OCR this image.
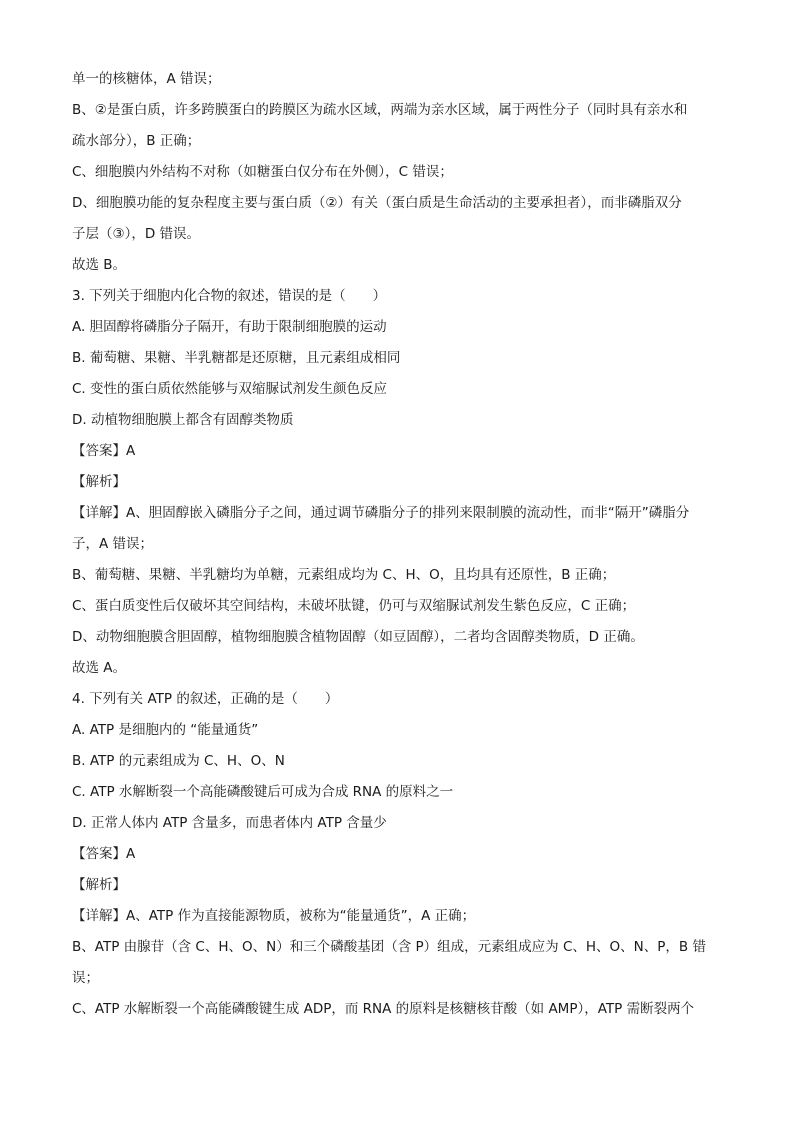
单一的核糖体，A 错误；

B、②是蛋白质，许多跨膜蛋白的跨膜区为疏水区域，两端为亲水区域，属于两性分子（同时具有亲水和

疏水部分），B 正确；

C、细胞膜内外结构不对称（如糖蛋白仅分布在外侧），C 错误；

D、细胞膜功能的复杂程度主要与蛋白质（②）有关（蛋白质是生命活动的主要承担者），而非磷脂双分

子层（③），D 错误。

故选 B。

3. 下列关于细胞内化合物的叙述，错误的是（　　）

A. 胆固醇将磷脂分子隔开，有助于限制细胞膜的运动

B. 葡萄糖、果糖、半乳糖都是还原糖，且元素组成相同

C. 变性的蛋白质依然能够与双缩脲试剂发生颜色反应

D. 动植物细胞膜上都含有固醇类物质

【答案】A

【解析】

【详解】A、胆固醇嵌入磷脂分子之间，通过调节磷脂分子的排列来限制膜的流动性，而非“隔开”磷脂分

子，A 错误；

B、葡萄糖、果糖、半乳糖均为单糖，元素组成均为 C、H、O，且均具有还原性，B 正确；

C、蛋白质变性后仅破坏其空间结构，未破坏肽键，仍可与双缩脲试剂发生紫色反应，C 正确；

D、动物细胞膜含胆固醇，植物细胞膜含植物固醇（如豆固醇），二者均含固醇类物质，D 正确。

故选 A。

4. 下列有关 ATP 的叙述，正确的是（　　）

A. ATP 是细胞内的 “能量通货”

B. ATP 的元素组成为 C、H、O、N

C. ATP 水解断裂一个高能磷酸键后可成为合成 RNA 的原料之一

D. 正常人体内 ATP 含量多，而患者体内 ATP 含量少

【答案】A

【解析】

【详解】A、ATP 作为直接能源物质，被称为“能量通货”，A 正确；

B、ATP 由腺苷（含 C、H、O、N）和三个磷酸基团（含 P）组成，元素组成应为 C、H、O、N、P，B 错

误；

C、ATP 水解断裂一个高能磷酸键生成 ADP，而 RNA 的原料是核糖核苷酸（如 AMP），ATP 需断裂两个
